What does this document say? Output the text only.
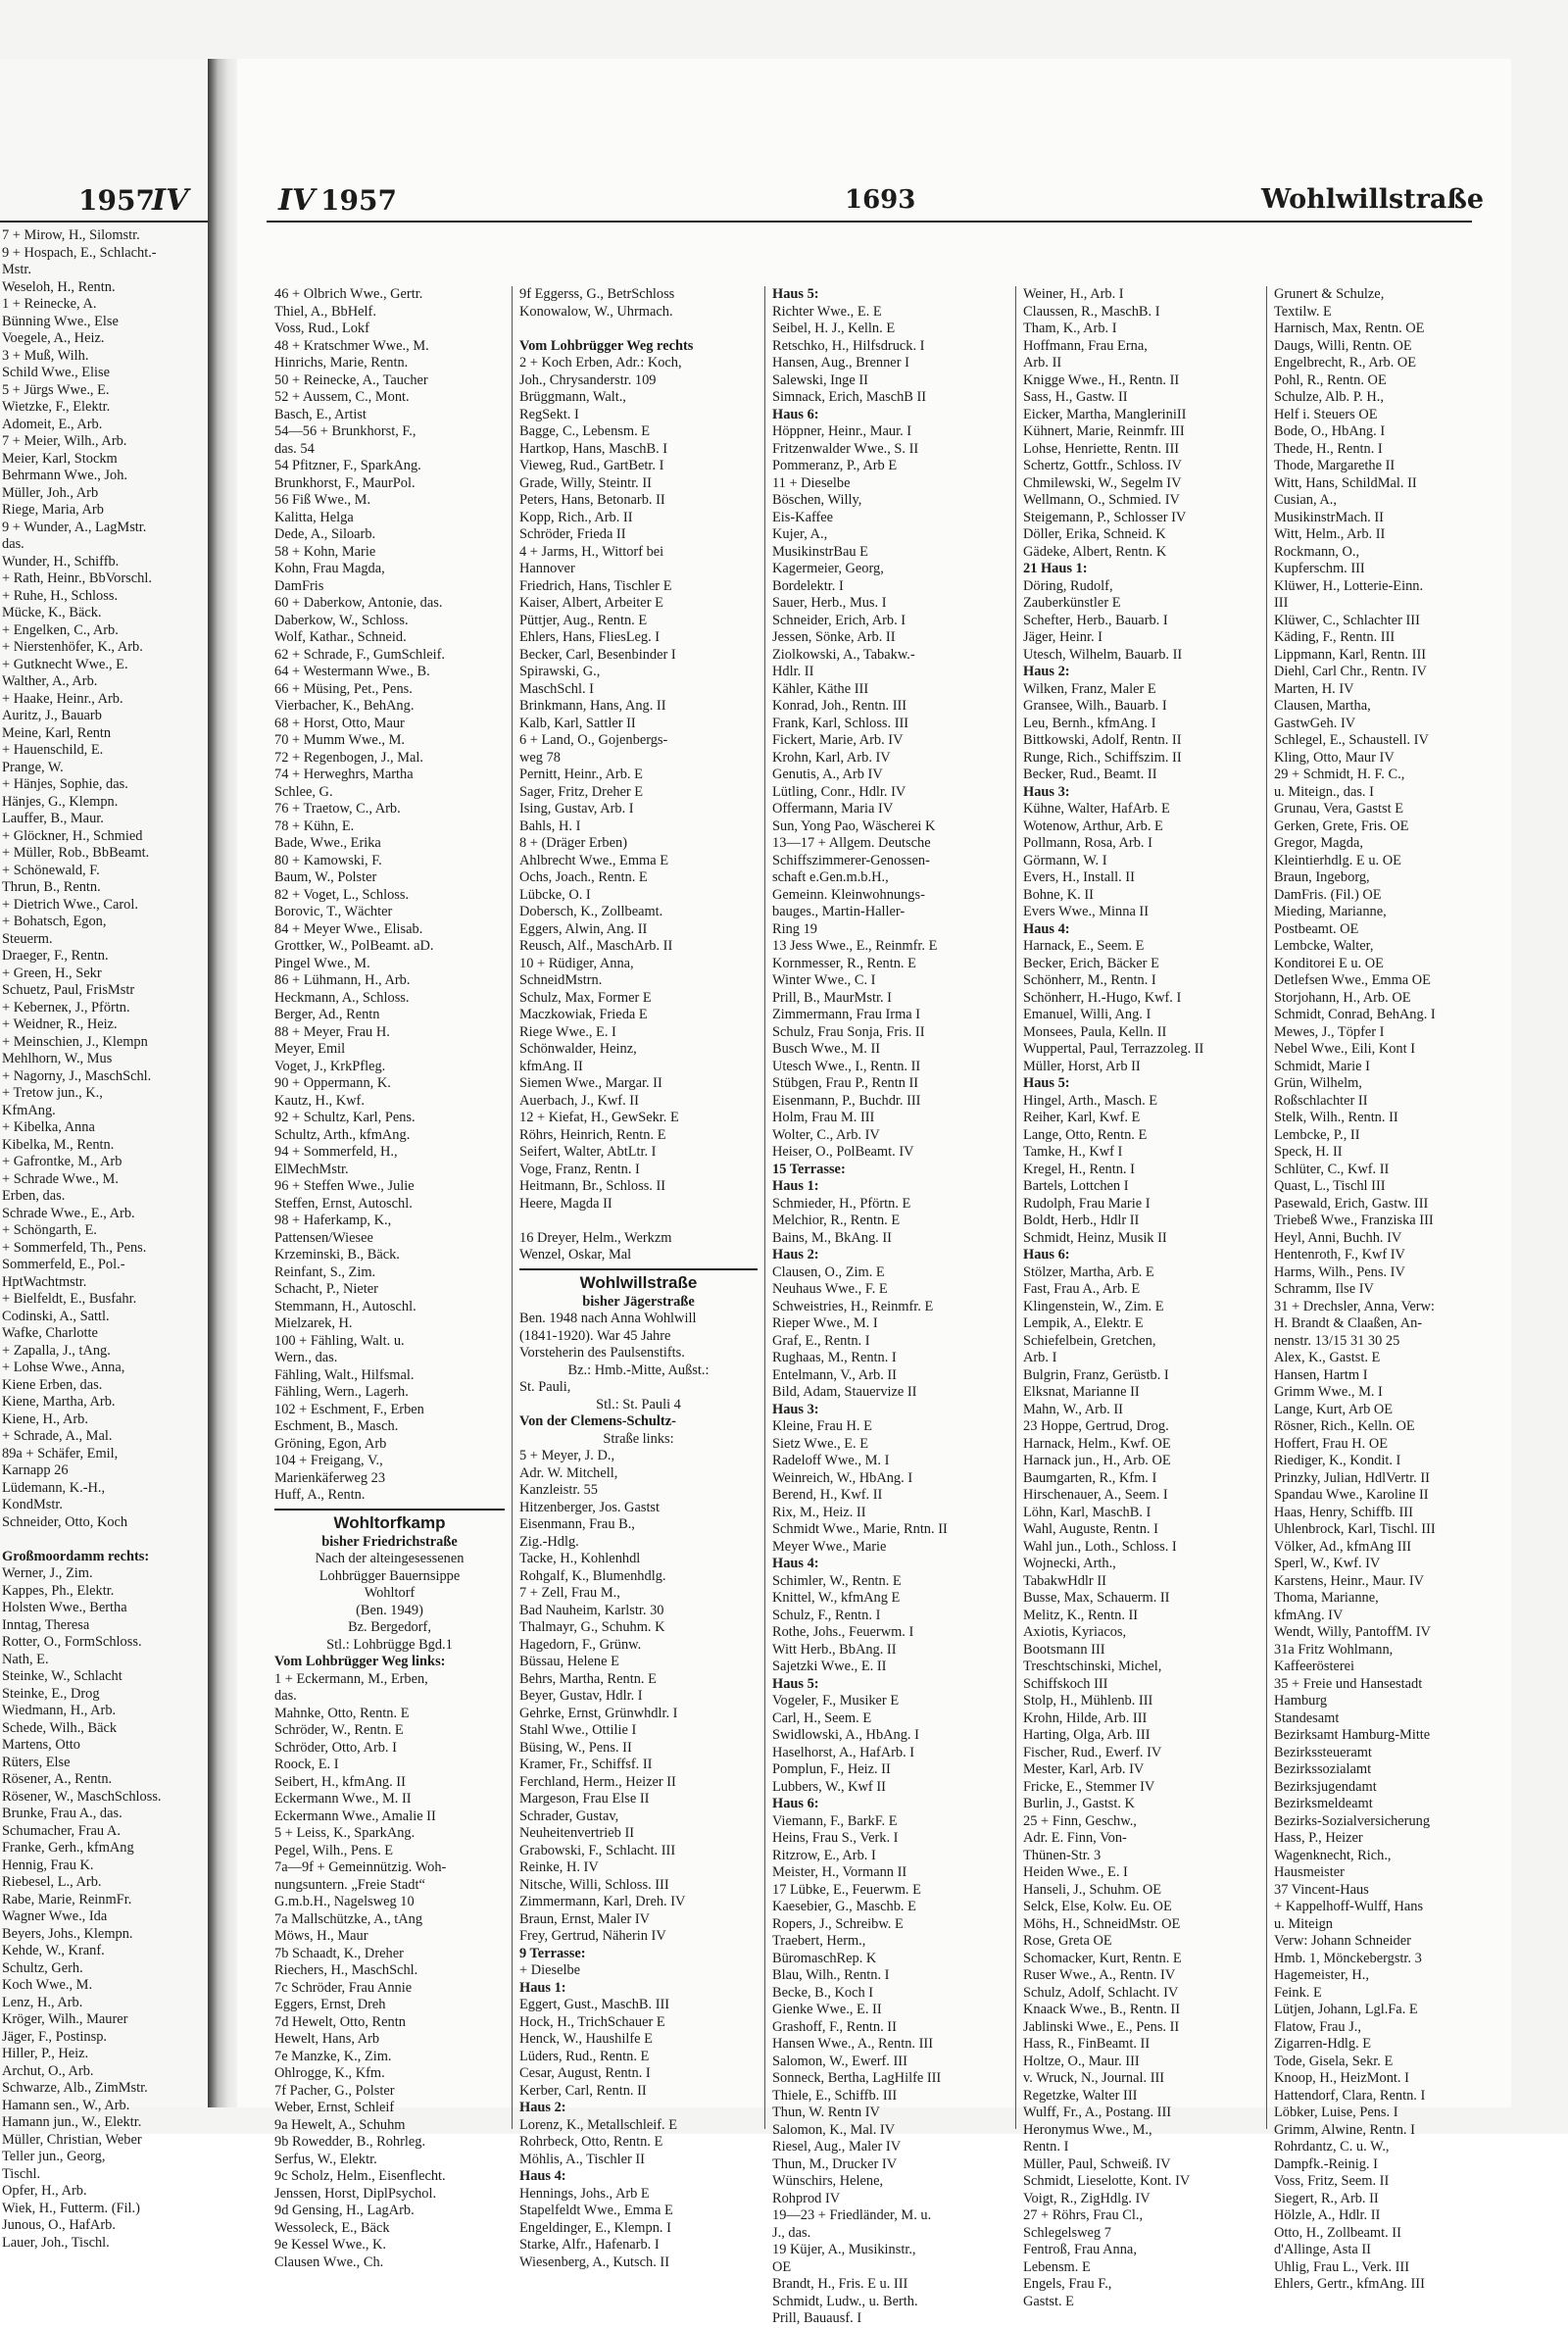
1957
IV
7 + Mirow, H., Silomstr.
9 + Hospach, E., Schlacht.-
Mstr.
Weseloh, H., Rentn.
1 + Reinecke, A.
Bünning Wwe., Else
Voegele, A., Heiz.
3 + Muß, Wilh.
Schild Wwe., Elise
5 + Jürgs Wwe., E.
Wietzke, F., Elektr.
Adomeit, E., Arb.
7 + Meier, Wilh., Arb.
Meier, Karl, Stockm
Behrmann Wwe., Joh.
Müller, Joh., Arb
Riege, Maria, Arb
9 + Wunder, A., LagMstr.
das.
Wunder, H., Schiffb.
+ Rath, Heinr., BbVorschl.
+ Ruhe, H., Schloss.
Mücke, K., Bäck.
+ Engelken, C., Arb.
+ Nierstenhöfer, K., Arb.
+ Gutknecht Wwe., E.
Walther, A., Arb.
+ Haake, Heinr., Arb.
Auritz, J., Bauarb
Meine, Karl, Rentn
+ Hauenschild, E.
Prange, W.
+ Hänjes, Sophie, das.
Hänjes, G., Klempn.
Lauffer, B., Maur.
+ Glöckner, H., Schmied
+ Müller, Rob., BbBeamt.
+ Schönewald, F.
Thrun, B., Rentn.
+ Dietrich Wwe., Carol.
+ Bohatsch, Egon,
Steuerm.
Draeger, F., Rentn.
+ Green, H., Sekr
Schuetz, Paul, FrisMstr
+ Keberneк, J., Pförtn.
+ Weidner, R., Heiz.
+ Meinschien, J., Klempn
Mehlhorn, W., Mus
+ Nagorny, J., MaschSchl.
+ Tretow jun., K.,
KfmAng.
+ Kibelka, Anna
Kibelka, M., Rentn.
+ Gafrontke, M., Arb
+ Schrade Wwe., M.
Erben, das.
Schrade Wwe., E., Arb.
+ Schöngarth, E.
+ Sommerfeld, Th., Pens.
Sommerfeld, E., Pol.-
HptWachtmstr.
+ Bielfeldt, E., Busfahr.
Codinski, A., Sattl.
Wafke, Charlotte
+ Zapalla, J., tAng.
+ Lohse Wwe., Anna,
Kiene Erben, das.
Kiene, Martha, Arb.
Kiene, H., Arb.
+ Schrade, A., Mal.
89a + Schäfer, Emil,
Karnapp 26
Lüdemann, K.-H.,
KondMstr.
Schneider, Otto, Koch
Großmoordamm rechts:
Werner, J., Zim.
Kappes, Ph., Elektr.
Holsten Wwe., Bertha
Inntag, Theresa
Rotter, O., FormSchloss.
Nath, E.
Steinke, W., Schlacht
Steinke, E., Drog
Wiedmann, H., Arb.
Schede, Wilh., Bäck
Martens, Otto
Rüters, Else
Rösener, A., Rentn.
Rösener, W., MaschSchloss.
Brunke, Frau A., das.
Schumacher, Frau A.
Franke, Gerh., kfmAng
Hennig, Frau K.
Riebesel, L., Arb.
Rabe, Marie, ReinmFr.
Wagner Wwe., Ida
Beyers, Johs., Klempn.
Kehde, W., Kranf.
Schultz, Gerh.
Koch Wwe., M.
Lenz, H., Arb.
Kröger, Wilh., Maurer
Jäger, F., Postinsp.
Hiller, P., Heiz.
Archut, O., Arb.
Schwarze, Alb., ZimMstr.
Hamann sen., W., Arb.
Hamann jun., W., Elektr.
Müller, Christian, Weber
Teller jun., Georg,
Tischl.
Opfer, H., Arb.
Wiek, H., Futterm. (Fil.)
Junous, O., HafArb.
Lauer, Joh., Tischl.
IV 1957	1693	Wohlwillstraße
46 + Olbrich Wwe., Gertr.
Thiel, A., BbHelf.
Voss, Rud., Lokf
48 + Kratschmer Wwe., M.
Hinrichs, Marie, Rentn.
50 + Reinecke, A., Taucher
52 + Aussem, C., Mont.
Basch, E., Artist
54—56 + Brunkhorst, F.,
das. 54
54 Pfitzner, F., SparkAng.
Brunkhorst, F., MaurPol.
56 Fiß Wwe., M.
Kalitta, Helga
Dede, A., Siloarb.
58 + Kohn, Marie
Kohn, Frau Magda,
DamFris
60 + Daberkow, Antonie, das.
Daberkow, W., Schloss.
Wolf, Kathar., Schneid.
62 + Schrade, F., GumSchleif.
64 + Westermann Wwe., B.
66 + Müsing, Pet., Pens.
Vierbacher, K., BehAng.
68 + Horst, Otto, Maur
70 + Mumm Wwe., M.
72 + Regenbogen, J., Mal.
74 + Herweghrs, Martha
Schlee, G.
76 + Traetow, C., Arb.
78 + Kühn, E.
Bade, Wwe., Erika
80 + Kamowski, F.
Baum, W., Polster
82 + Voget, L., Schloss.
Borovic, T., Wächter
84 + Meyer Wwe., Elisab.
Grottker, W., PolBeamt. aD.
Pingel Wwe., M.
86 + Lühmann, H., Arb.
Heckmann, A., Schloss.
Berger, Ad., Rentn
88 + Meyer, Frau H.
Meyer, Emil
Voget, J., KrkPfleg.
90 + Oppermann, K.
Kautz, H., Kwf.
92 + Schultz, Karl, Pens.
Schultz, Arth., kfmAng.
94 + Sommerfeld, H.,
ElMechMstr.
96 + Steffen Wwe., Julie
Steffen, Ernst, Autoschl.
98 + Haferkamp, K.,
Pattensen/Wiesee
Krzeminski, B., Bäck.
Reinfant, S., Zim.
Schacht, P., Nieter
Stemmann, H., Autoschl.
Mielzarek, H.
100 + Fähling, Walt. u.
Wern., das.
Fähling, Walt., Hilfsmal.
Fähling, Wern., Lagerh.
102 + Eschment, F., Erben
Eschment, B., Masch.
Gröning, Egon, Arb
104 + Freigang, V.,
Marienkäferweg 23
Huff, A., Rentn.
Wohltorfkamp
bisher Friedrichstraße
Nach der alteingesessenen
Lohbrügger Bauernsippe
Wohltorf
(Ben. 1949)
Bz. Bergedorf,
Stl.: Lohbrügge Bgd.1
Vom Lohbrügger Weg links:
1 + Eckermann, M., Erben,
das.
Mahnke, Otto, Rentn. E
Schröder, W., Rentn. E
Schröder, Otto, Arb. I
Roock, E. I
Seibert, H., kfmAng. II
Eckermann Wwe., M. II
Eckermann Wwe., Amalie II
5 + Leiss, K., SparkAng.
Pegel, Wilh., Pens. E
7a—9f + Gemeinnützig. Woh-
nungsuntern. „Freie Stadt“
G.m.b.H., Nagelsweg 10
7a Mallschützke, A., tAng
Möws, H., Maur
7b Schaadt, K., Dreher
Riechers, H., MaschSchl.
7c Schröder, Frau Annie
Eggers, Ernst, Dreh
7d Hewelt, Otto, Rentn
Hewelt, Hans, Arb
7e Manzke, K., Zim.
Ohlrogge, K., Kfm.
7f Pacher, G., Polster
Weber, Ernst, Schleif
9a Hewelt, A., Schuhm
9b Rowedder, B., Rohrleg.
Serfus, W., Elektr.
9c Scholz, Helm., Eisenflecht.
Jenssen, Horst, DiplPsychol.
9d Gensing, H., LagArb.
Wessoleck, E., Bäck
9e Kessel Wwe., K.
Clausen Wwe., Ch.
9f Eggerss, G., BetrSchloss
Konowalow, W., Uhrmach.
Vom Lohbrügger Weg rechts
2 + Koch Erben, Adr.: Koch,
Joh., Chrysanderstr. 109
Brüggmann, Walt.,
RegSekt. I
Bagge, C., Lebensm. E
Hartkop, Hans, MaschB. I
Vieweg, Rud., GartBetr. I
Grade, Willy, Steintr. II
Peters, Hans, Betonarb. II
Kopp, Rich., Arb. II
Schröder, Frieda II
4 + Jarms, H., Wittorf bei
Hannover
Friedrich, Hans, Tischler E
Kaiser, Albert, Arbeiter E
Püttjer, Aug., Rentn. E
Ehlers, Hans, FliesLeg. I
Becker, Carl, Besenbinder I
Spirawski, G.,
MaschSchl. I
Brinkmann, Hans, Ang. II
Kalb, Karl, Sattler II
6 + Land, O., Gojenbergs-
weg 78
Pernitt, Heinr., Arb. E
Sager, Fritz, Dreher E
Ising, Gustav, Arb. I
Bahls, H. I
8 + (Dräger Erben)
Ahlbrecht Wwe., Emma E
Ochs, Joach., Rentn. E
Lübcke, O. I
Dobersch, K., Zollbeamt.
Eggers, Alwin, Ang. II
Reusch, Alf., MaschArb. II
10 + Rüdiger, Anna,
SchneidMstrn.
Schulz, Max, Former E
Maczkowiak, Frieda E
Riege Wwe., E. I
Schönwalder, Heinz,
kfmAng. II
Siemen Wwe., Margar. II
Auerbach, J., Kwf. II
12 + Kiefat, H., GewSekr. E
Röhrs, Heinrich, Rentn. E
Seifert, Walter, AbtLtr. I
Voge, Franz, Rentn. I
Heitmann, Br., Schloss. II
Heere, Magda II
16 Dreyer, Helm., Werkzm
Wenzel, Oskar, Mal
Wohlwillstraße
bisher Jägerstraße
Ben. 1948 nach Anna Wohlwill
(1841-1920). War 45 Jahre
Vorsteherin des Paulsenstifts.
Bz.: Hmb.-Mitte, Außst.:
St. Pauli,
Stl.: St. Pauli 4
Von der Clemens-Schultz-
Straße links:
5 + Meyer, J. D.,
Adr. W. Mitchell,
Kanzleistr. 55
Hitzenberger, Jos. Gastst
Eisenmann, Frau B.,
Zig.-Hdlg.
Tacke, H., Kohlenhdl
Rohgalf, K., Blumenhdlg.
7 + Zell, Frau M.,
Bad Nauheim, Karlstr. 30
Thalmayr, G., Schuhm. K
Hagedorn, F., Grünw.
Büssau, Helene E
Behrs, Martha, Rentn. E
Beyer, Gustav, Hdlr. I
Gehrke, Ernst, Grünwhdlr. I
Stahl Wwe., Ottilie I
Büsing, W., Pens. II
Kramer, Fr., Schiffsf. II
Ferchland, Herm., Heizer II
Margeson, Frau Else II
Schrader, Gustav,
Neuheitenvertrieb II
Grabowski, F., Schlacht. III
Reinke, H. IV
Nitsche, Willi, Schloss. III
Zimmermann, Karl, Dreh. IV
Braun, Ernst, Maler IV
Frey, Gertrud, Näherin IV
9 Terrasse:
+ Dieselbe
Haus 1:
Eggert, Gust., MaschB. III
Hock, H., TrichSchauer E
Henck, W., Haushilfe E
Lüders, Rud., Rentn. E
Cesar, August, Rentn. I
Kerber, Carl, Rentn. II
Haus 2:
Lorenz, K., Metallschleif. E
Rohrbeck, Otto, Rentn. E
Möhlis, A., Tischler II
Haus 4:
Hennings, Johs., Arb E
Stapelfeldt Wwe., Emma E
Engeldinger, E., Klempn. I
Starke, Alfr., Hafenarb. I
Wiesenberg, A., Kutsch. II
Haus 5:
Richter Wwe., E. E
Seibel, H. J., Kelln. E
Retschko, H., Hilfsdruck. I
Hansen, Aug., Brenner I
Salewski, Inge II
Simnack, Erich, MaschB II
Haus 6:
Höppner, Heinr., Maur. I
Fritzenwalder Wwe., S. II
Pommeranz, P., Arb E
11 + Dieselbe
Böschen, Willy,
Eis-Kaffee
Kujer, A.,
MusikinstrBau E
Kagermeier, Georg,
Bordelektr. I
Sauer, Herb., Mus. I
Schneider, Erich, Arb. I
Jessen, Sönke, Arb. II
Ziolkowski, A., Tabakw.-
Hdlr. II
Kähler, Käthe III
Konrad, Joh., Rentn. III
Frank, Karl, Schloss. III
Fickert, Marie, Arb. IV
Krohn, Karl, Arb. IV
Genutis, A., Arb IV
Lütling, Conr., Hdlr. IV
Offermann, Maria IV
Sun, Yong Pao, Wäschereі K
13—17 + Allgem. Deutsche
Schiffszimmerer-Genossen-
schaft e.Gen.m.b.H.,
Gemeinn. Kleinwohnungs-
bauges., Martin-Haller-
Ring 19
13 Jess Wwe., E., Reinmfr. E
Kornmesser, R., Rentn. E
Winter Wwe., C. I
Prill, B., MaurMstr. I
Zimmermann, Frau Irma I
Schulz, Frau Sonja, Fris. II
Busch Wwe., M. II
Utesch Wwe., I., Rentn. II
Stübgen, Frau P., Rentn II
Eisenmann, P., Buchdr. III
Holm, Frau M. III
Wolter, C., Arb. IV
Heiser, O., PolBeamt. IV
15 Terrasse:
Haus 1:
Schmieder, H., Pförtn. E
Melchior, R., Rentn. E
Bains, M., BkAng. II
Haus 2:
Clausen, O., Zim. E
Neuhaus Wwe., F. E
Schweistries, H., Reinmfr. E
Rieper Wwe., M. I
Graf, E., Rentn. I
Rughaas, M., Rentn. I
Entelmann, V., Arb. II
Bild, Adam, Stauervize II
Haus 3:
Kleine, Frau H. E
Sietz Wwe., E. E
Radeloff Wwe., M. I
Weinreich, W., HbAng. I
Berend, H., Kwf. II
Rix, M., Heiz. II
Schmidt Wwe., Marie, Rntn. II
Meyer Wwe., Marie
Haus 4:
Schimler, W., Rentn. E
Knittel, W., kfmAng E
Schulz, F., Rentn. I
Rothe, Johs., Feuerwm. I
Witt Herb., BbAng. II
Sajetzki Wwe., E. II
Haus 5:
Vogeler, F., Musiker E
Carl, H., Seem. E
Swidlowski, A., HbAng. I
Haselhorst, A., HafArb. I
Pomplun, F., Heiz. II
Lubbers, W., Kwf II
Haus 6:
Viemann, F., BarkF. E
Heins, Frau S., Verk. I
Ritzrow, E., Arb. I
Meister, H., Vormann II
17 Lübke, E., Feuerwm. E
Kaesebier, G., Maschb. E
Ropers, J., Schreibw. E
Traebert, Herm.,
BüromaschRep. K
Blau, Wilh., Rentn. I
Becke, B., Koch I
Gienke Wwe., E. II
Grashoff, F., Rentn. II
Hansen Wwe., A., Rentn. III
Salomon, W., Ewerf. III
Sonneck, Bertha, LagHilfe III
Thiele, E., Schiffb. III
Thun, W. Rentn IV
Salomon, K., Mal. IV
Riesel, Aug., Maler IV
Thun, M., Drucker IV
Wünschirs, Helene,
Rohprod IV
19—23 + Friedländer, M. u.
J., das.
19 Küjer, A., Musikinstr.,
OE
Brandt, H., Fris. E u. III
Schmidt, Ludw., u. Berth.
Prill, Bauausf. I
Weiner, H., Arb. I
Claussen, R., MaschB. I
Tham, K., Arb. I
Hoffmann, Frau Erna,
Arb. II
Knigge Wwe., H., Rentn. II
Sass, H., Gastw. II
Eicker, Martha, MangleriniII
Kühnert, Marie, Reinmfr. III
Lohse, Henriette, Rentn. III
Schertz, Gottfr., Schloss. IV
Chmilewski, W., Segelm IV
Wellmann, O., Schmied. IV
Steigemann, P., Schlosser IV
Döller, Erika, Schneid. K
Gädeke, Albert, Rentn. K
21 Haus 1:
Döring, Rudolf,
Zauberkünstler E
Schefter, Herb., Bauarb. I
Jäger, Heinr. I
Utesch, Wilhelm, Bauarb. II
Haus 2:
Wilken, Franz, Maler E
Gransee, Wilh., Bauarb. I
Leu, Bernh., kfmAng. I
Bittkowski, Adolf, Rentn. II
Runge, Rich., Schiffszim. II
Becker, Rud., Beamt. II
Haus 3:
Kühne, Walter, HafArb. E
Wotenow, Arthur, Arb. E
Pollmann, Rosa, Arb. I
Görmann, W. I
Evers, H., Install. II
Bohne, K. II
Evers Wwe., Minna II
Haus 4:
Harnack, E., Seem. E
Becker, Erich, Bäcker E
Schönherr, M., Rentn. I
Schönherr, H.-Hugo, Kwf. I
Emanuel, Willi, Ang. I
Monsees, Paula, Kelln. II
Wuppertal, Paul, Terrazzoleg. II
Müller, Horst, Arb II
Haus 5:
Hingel, Arth., Masch. E
Reiher, Karl, Kwf. E
Lange, Otto, Rentn. E
Tamke, H., Kwf I
Kregel, H., Rentn. I
Bartels, Lottchen I
Rudolph, Frau Marie I
Boldt, Herb., Hdlr II
Schmidt, Heinz, Musik II
Haus 6:
Stölzer, Martha, Arb. E
Fast, Frau A., Arb. E
Klingenstein, W., Zim. E
Lempik, A., Elektr. E
Schiefelbein, Gretchen,
Arb. I
Bulgrin, Franz, Gerüstb. I
Elksnat, Marianne II
Mahn, W., Arb. II
23 Hoppe, Gertrud, Drog.
Harnack, Helm., Kwf. OE
Harnack jun., H., Arb. OE
Baumgarten, R., Kfm. I
Hirschenauer, A., Seem. I
Löhn, Karl, MaschB. I
Wahl, Auguste, Rentn. I
Wahl jun., Loth., Schloss. I
Wojnecki, Arth.,
TabakwHdlr II
Busse, Max, Schauerm. II
Melitz, K., Rentn. II
Axiotis, Kyriacos,
Bootsmann III
Treschtschinski, Michel,
Schiffskoch III
Stolp, H., Mühlenb. III
Krohn, Hilde, Arb. III
Harting, Olga, Arb. III
Fischer, Rud., Ewerf. IV
Mester, Karl, Arb. IV
Fricke, E., Stemmer IV
Burlin, J., Gastst. K
25 + Finn, Geschw.,
Adr. E. Finn, Von-
Thünen-Str. 3
Heiden Wwe., E. I
Hanseli, J., Schuhm. OE
Selck, Else, Kolw. Eu. OE
Möhs, H., SchneidMstr. OE
Rose, Greta OE
Schomacker, Kurt, Rentn. E
Ruser Wwe., A., Rentn. IV
Schulz, Adolf, Schlacht. IV
Knaack Wwe., B., Rentn. II
Jablinski Wwe., E., Pens. II
Hass, R., FinBeamt. II
Holtze, O., Maur. III
v. Wruck, N., Journal. III
Regetzke, Walter III
Wulff, Fr., A., Postang. III
Heronymus Wwe., M.,
Rentn. I
Müller, Paul, Schweiß. IV
Schmidt, Lieselotte, Kont. IV
Voigt, R., ZigHdlg. IV
27 + Röhrs, Frau Cl.,
Schlegelsweg 7
Fentroß, Frau Anna,
Lebensm. E
Engels, Frau F.,
Gastst. E
Grunert & Schulze,
Textilw. E
Harnisch, Max, Rentn. OE
Daugs, Willi, Rentn. OE
Engelbrecht, R., Arb. OE
Pohl, R., Rentn. OE
Schulze, Alb. P. H.,
Helf i. Steuers OE
Bode, O., HbAng. I
Thede, H., Rentn. I
Thode, Margarethe II
Witt, Hans, SchildMal. II
Cusian, A.,
MusikinstrMach. II
Witt, Helm., Arb. II
Rockmann, O.,
Kupferschm. III
Klüwer, H., Lotterie-Einn.
III
Klüwer, C., Schlachter III
Käding, F., Rentn. III
Lippmann, Karl, Rentn. III
Diehl, Carl Chr., Rentn. IV
Marten, H. IV
Clausen, Martha,
GastwGeh. IV
Schlegel, E., Schaustell. IV
Kling, Otto, Maur IV
29 + Schmidt, H. F. C.,
u. Miteign., das. I
Grunau, Vera, Gastst E
Gerken, Grete, Fris. OE
Gregor, Magda,
Kleintierhdlg. E u. OE
Braun, Ingeborg,
DamFris. (Fil.) OE
Mieding, Marianne,
Postbeamt. OE
Lembcke, Walter,
Konditorei E u. OE
Detlefsen Wwe., Emma OE
Storjohann, H., Arb. OE
Schmidt, Conrad, BehAng. I
Mewes, J., Töpfer I
Nebel Wwe., Eili, Kont I
Schmidt, Marie I
Grün, Wilhelm,
Roßschlachter II
Stelk, Wilh., Rentn. II
Lembcke, P., II
Speck, H. II
Schlüter, C., Kwf. II
Quast, L., Tischl III
Pasewald, Erich, Gastw. III
Triebeß Wwe., Franziska III
Heyl, Anni, Buchh. IV
Hentenroth, F., Kwf IV
Harms, Wilh., Pens. IV
Schramm, Ilse IV
31 + Drechsler, Anna, Verw:
H. Brandt & Claaßen, An-
nenstr. 13/15 31 30 25
Alex, K., Gastst. E
Hansen, Hartm I
Grimm Wwe., M. I
Lange, Kurt, Arb OE
Rösner, Rich., Kelln. OE
Hoffert, Frau H. OE
Riediger, K., Kondit. I
Prinzky, Julian, HdlVertr. II
Spandau Wwe., Karoline II
Haas, Henry, Schiffb. III
Uhlenbrock, Karl, Tischl. III
Völker, Ad., kfmAng III
Sperl, W., Kwf. IV
Karstens, Heinr., Maur. IV
Thoma, Marianne,
kfmAng. IV
Wendt, Willy, PantoffM. IV
31a Fritz Wohlmann,
Kaffeerösterei
35 + Freie und Hansestadt
Hamburg
Standesamt
Bezirksamt Hamburg-Mitte
Bezirkssteueramt
Bezirkssozialamt
Bezirksjugendamt
Bezirksmeldeamt
Bezirks-Sozialversicherung
Hass, P., Heizer
Wagenknecht, Rich.,
Hausmeister
37 Vincent-Haus
+ Kappelhoff-Wulff, Hans
u. Miteign
Verw: Johann Schneider
Hmb. 1, Mönckebergstr. 3
Hagemeister, H.,
Feink. E
Lütjen, Johann, Lgl.Fa. E
Flatow, Frau J.,
Zigarren-Hdlg. E
Tode, Gisela, Sekr. E
Knoop, H., HeizMont. I
Hattendorf, Clara, Rentn. I
Löbker, Luise, Pens. I
Grimm, Alwine, Rentn. I
Rohrdantz, C. u. W.,
Dampfk.-Reinig. I
Voss, Fritz, Seem. II
Siegert, R., Arb. II
Hölzle, A., Hdlr. II
Otto, H., Zollbeamt. II
d'Allinge, Asta II
Uhlig, Frau L., Verk. III
Ehlers, Gertr., kfmAng. III
